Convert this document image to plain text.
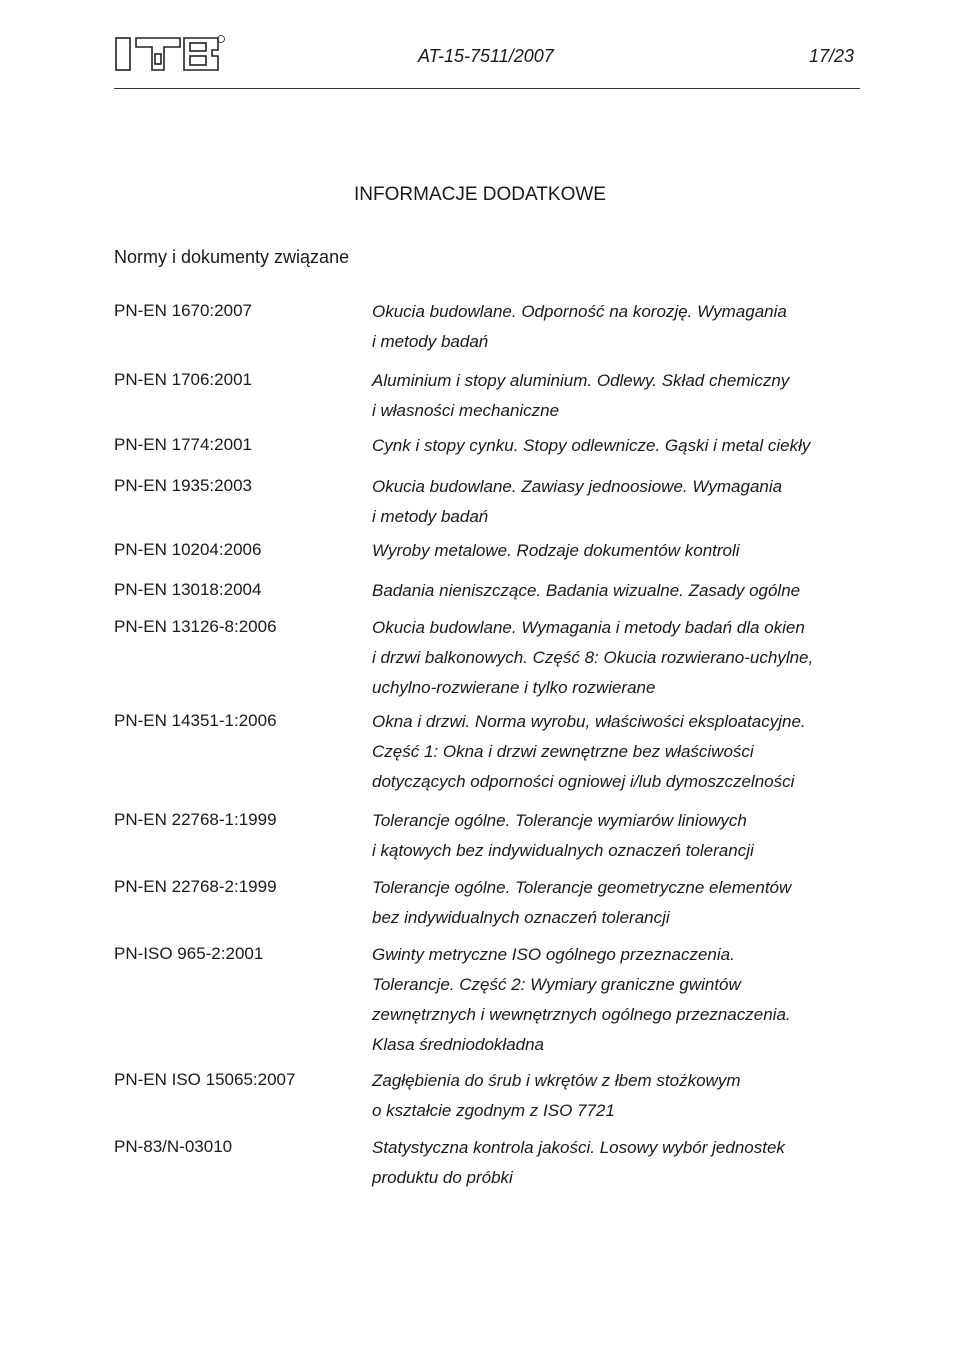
AT-15-7511/2007	17/23
INFORMACJE DODATKOWE
Normy i dokumenty związane
PN-EN 1670:2007	Okucia budowlane. Odporność na korozję. Wymagania
i metody badań
PN-EN 1706:2001	Aluminium i stopy aluminium. Odlewy. Skład chemiczny
i własności mechaniczne
PN-EN 1774:2001	Cynk i stopy cynku. Stopy odlewnicze. Gąski i metal ciekły
PN-EN 1935:2003	Okucia budowlane. Zawiasy jednoosiowe. Wymagania
i metody badań
PN-EN 10204:2006	Wyroby metalowe. Rodzaje dokumentów kontroli
PN-EN 13018:2004	Badania nieniszczące. Badania wizualne. Zasady ogólne
PN-EN 13126-8:2006	Okucia budowlane. Wymagania i metody badań dla okien
i drzwi balkonowych. Część 8: Okucia rozwierano-uchylne,
uchylno-rozwierane i tylko rozwierane
PN-EN 14351-1:2006	Okna i drzwi. Norma wyrobu, właściwości eksploatacyjne.
Część 1: Okna i drzwi zewnętrzne bez właściwości
dotyczących odporności ogniowej i/lub dymoszczelności
PN-EN 22768-1:1999	Tolerancje ogólne. Tolerancje wymiarów liniowych
i kątowych bez indywidualnych oznaczeń tolerancji
PN-EN 22768-2:1999	Tolerancje ogólne. Tolerancje geometryczne elementów
bez indywidualnych oznaczeń tolerancji
PN-ISO 965-2:2001	Gwinty metryczne ISO ogólnego przeznaczenia.
Tolerancje. Część 2: Wymiary graniczne gwintów
zewnętrznych i wewnętrznych ogólnego przeznaczenia.
Klasa średniodokładna
PN-EN ISO 15065:2007	Zagłębienia do śrub i wkrętów z łbem stożkowym
o kształcie zgodnym z ISO 7721
PN-83/N-03010	Statystyczna kontrola jakości. Losowy wybór jednostek
produktu do próbki
